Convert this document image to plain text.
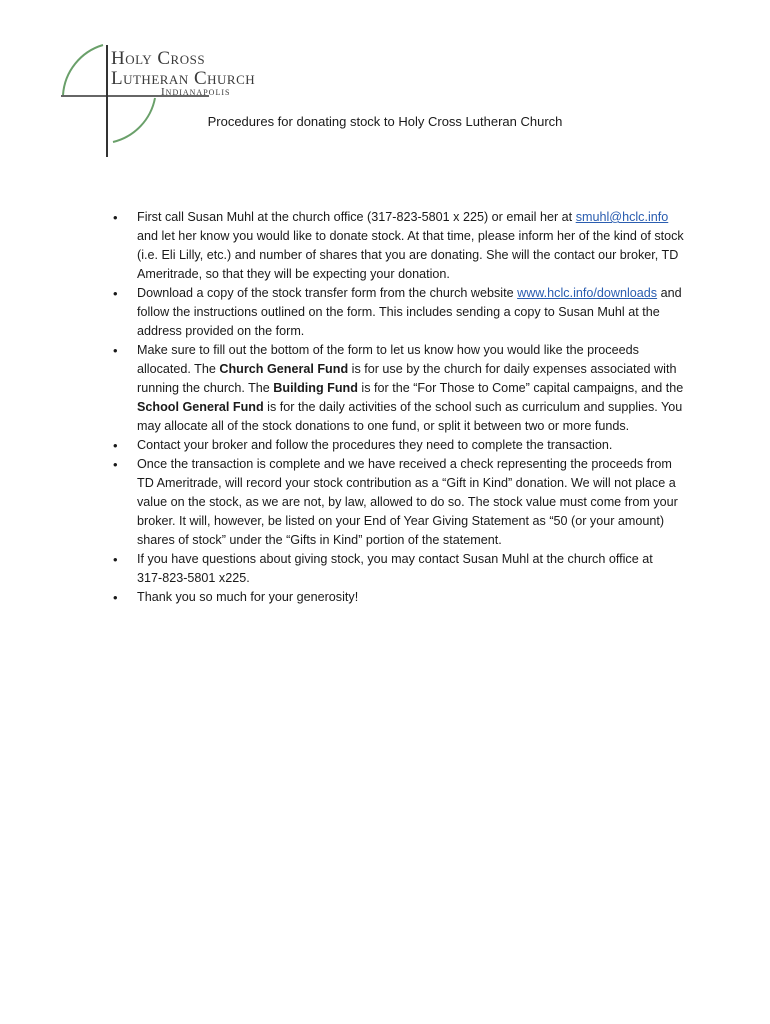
Holy Cross
Lutheran Church
Indianapolis
Procedures for donating stock to Holy Cross Lutheran Church
• First call Susan Muhl at the church office (317-823-5801 x 225) or email her at smuhl@hclc.info and let her know you would like to donate stock. At that time, please inform her of the kind of stock (i.e. Eli Lilly, etc.) and number of shares that you are donating. She will the contact our broker, TD Ameritrade, so that they will be expecting your donation.
• Download a copy of the stock transfer form from the church website www.hclc.info/downloads and follow the instructions outlined on the form. This includes sending a copy to Susan Muhl at the address provided on the form.
• Make sure to fill out the bottom of the form to let us know how you would like the proceeds allocated. The Church General Fund is for use by the church for daily expenses associated with running the church. The Building Fund is for the “For Those to Come” capital campaigns, and the School General Fund is for the daily activities of the school such as curriculum and supplies. You may allocate all of the stock donations to one fund, or split it between two or more funds.
• Contact your broker and follow the procedures they need to complete the transaction.
• Once the transaction is complete and we have received a check representing the proceeds from TD Ameritrade, will record your stock contribution as a “Gift in Kind” donation. We will not place a value on the stock, as we are not, by law, allowed to do so. The stock value must come from your broker. It will, however, be listed on your End of Year Giving Statement as “50 (or your amount) shares of stock” under the “Gifts in Kind” portion of the statement.
• If you have questions about giving stock, you may contact Susan Muhl at the church office at
317-823-5801 x225.
• Thank you so much for your generosity!
